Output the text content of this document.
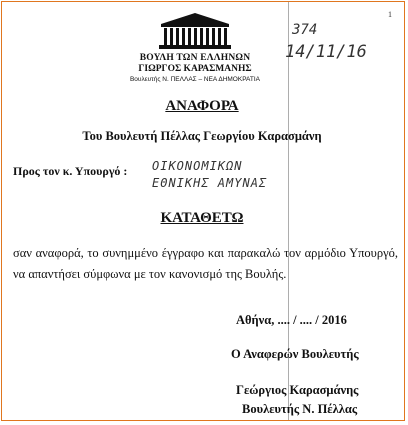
1
ΒΟΥΛΗ ΤΩΝ ΕΛΛΗΝΩΝ
ΓΙΩΡΓΟΣ ΚΑΡΑΣΜΑΝΗΣ
Βουλευτής Ν. ΠΕΛΛΑΣ – ΝΕΑ ΔΗΜΟΚΡΑΤΙΑ
374
14/11/16
ΑΝΑΦΟΡΑ
Του Βουλευτή Πέλλας Γεωργίου Καρασμάνη
Προς τον κ. Υπουργό : ΟΙΚΟΝΟΜΙΚΩΝ
ΕΘΝΙΚΗΣ ΑΜΥΝΑΣ
ΚΑΤΑΘΕΤΩ
σαν αναφορά, το συνημμένο έγγραφο και παρακαλώ τον αρμόδιο Υπουργό, να απαντήσει σύμφωνα με τον κανονισμό της Βουλής.
Αθήνα, .... / .... / 2016
Ο Αναφερών Βουλευτής
Γεώργιος Καρασμάνης
Βουλευτής Ν. Πέλλας
